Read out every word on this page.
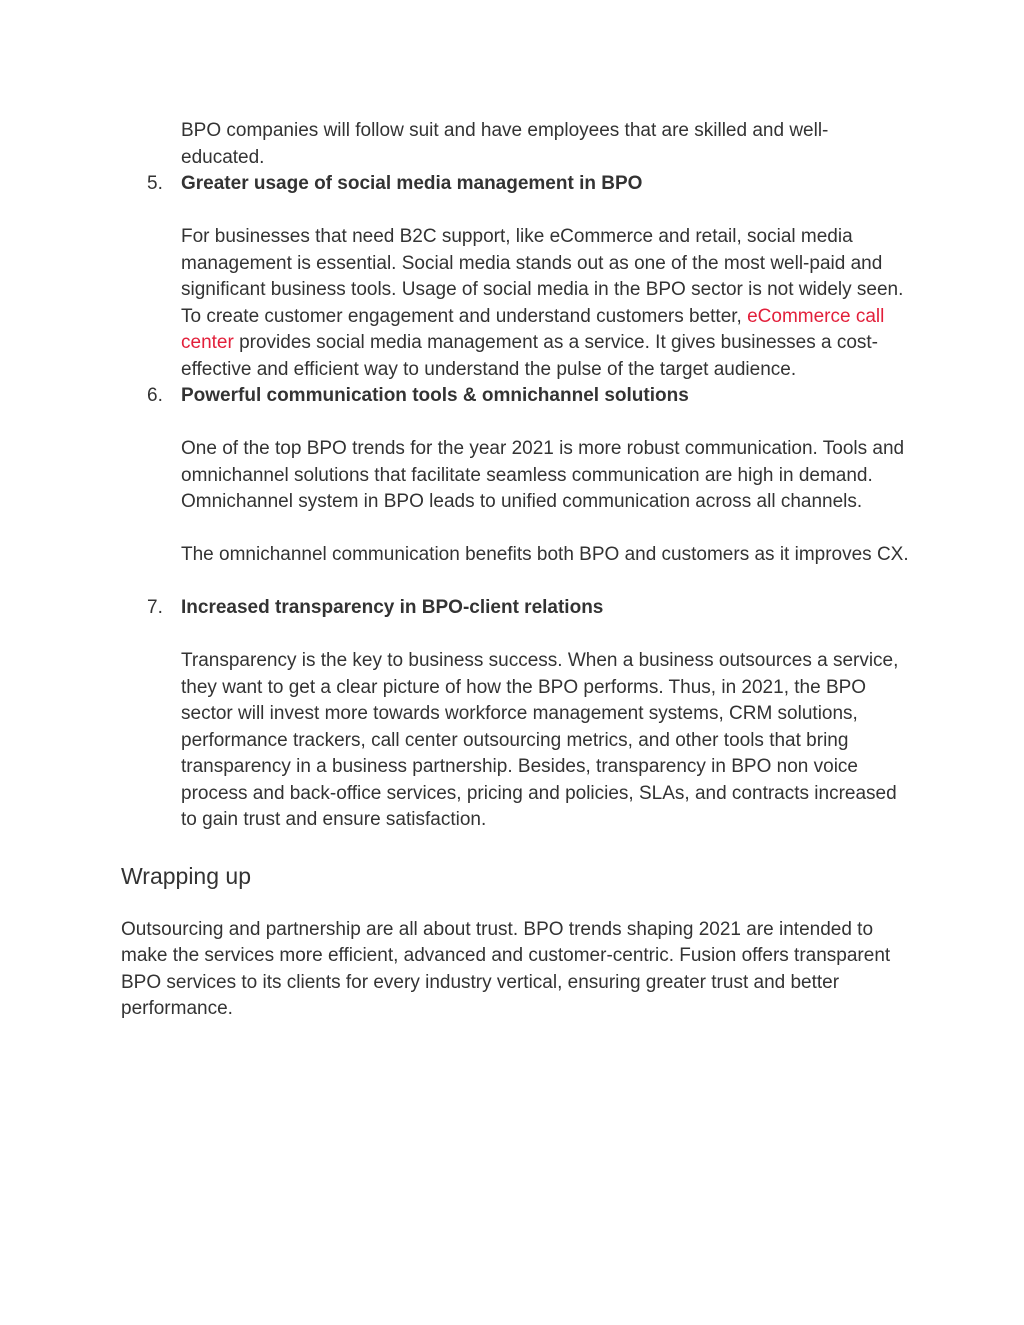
BPO companies will follow suit and have employees that are skilled and well-educated.

5. Greater usage of social media management in BPO

For businesses that need B2C support, like eCommerce and retail, social media management is essential. Social media stands out as one of the most well-paid and significant business tools. Usage of social media in the BPO sector is not widely seen. To create customer engagement and understand customers better, eCommerce call center provides social media management as a service. It gives businesses a cost-effective and efficient way to understand the pulse of the target audience.

6. Powerful communication tools & omnichannel solutions

One of the top BPO trends for the year 2021 is more robust communication. Tools and omnichannel solutions that facilitate seamless communication are high in demand. Omnichannel system in BPO leads to unified communication across all channels.

The omnichannel communication benefits both BPO and customers as it improves CX.

7. Increased transparency in BPO-client relations

Transparency is the key to business success. When a business outsources a service, they want to get a clear picture of how the BPO performs. Thus, in 2021, the BPO sector will invest more towards workforce management systems, CRM solutions, performance trackers, call center outsourcing metrics, and other tools that bring transparency in a business partnership. Besides, transparency in BPO non voice process and back-office services, pricing and policies, SLAs, and contracts increased to gain trust and ensure satisfaction.

Wrapping up

Outsourcing and partnership are all about trust. BPO trends shaping 2021 are intended to make the services more efficient, advanced and customer-centric. Fusion offers transparent BPO services to its clients for every industry vertical, ensuring greater trust and better performance.
